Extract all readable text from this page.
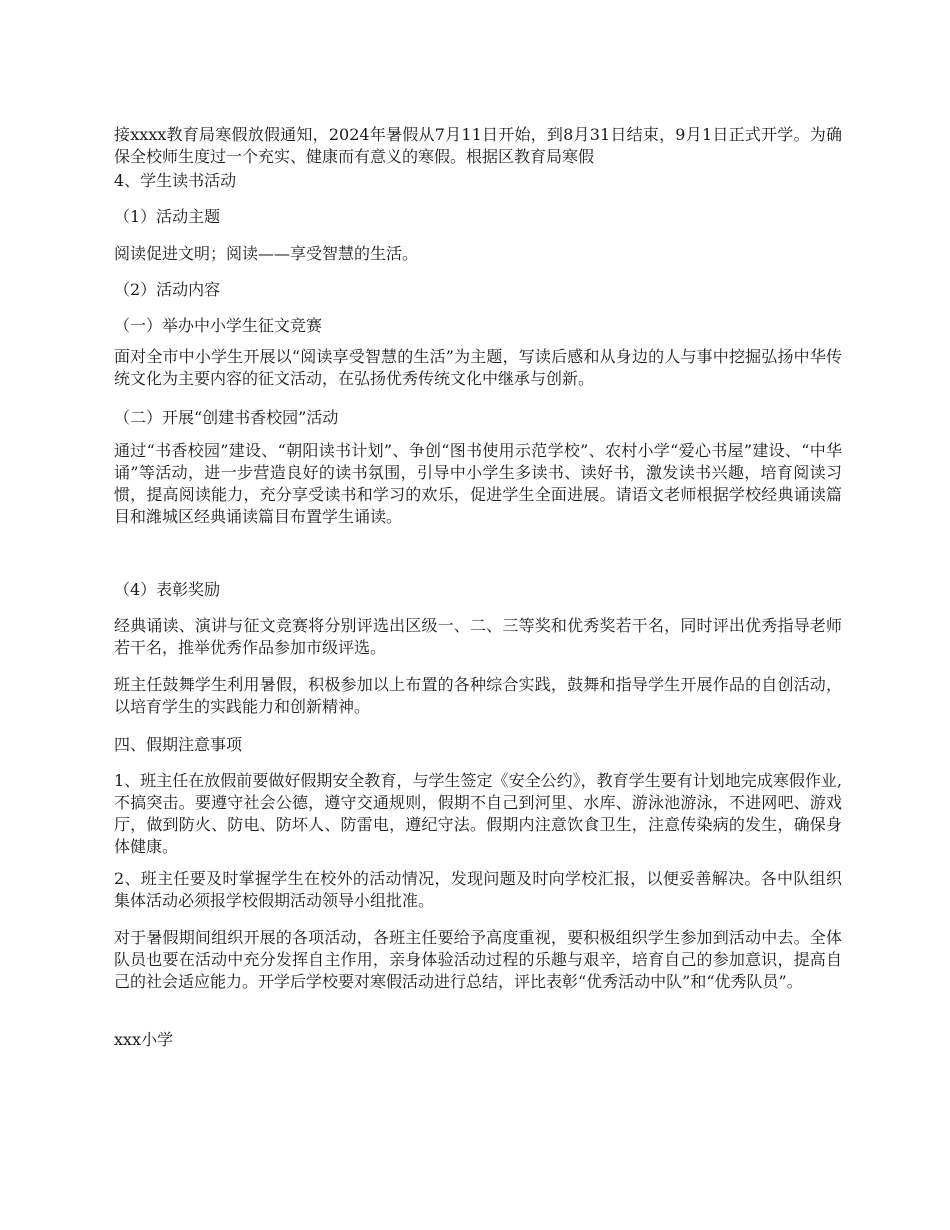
接xxxx教育局寒假放假通知，2024年暑假从7月11日开始，到8月31日结束，9月1日正式开学。为确保全校师生度过一个充实、健康而有意义的寒假。根据区教育局寒假

4、学生读书活动

（1）活动主题

阅读促进文明；阅读——享受智慧的生活。

（2）活动内容

（一）举办中小学生征文竞赛

面对全市中小学生开展以“阅读享受智慧的生活”为主题，写读后感和从身边的人与事中挖掘弘扬中华传统文化为主要内容的征文活动，在弘扬优秀传统文化中继承与创新。

（二）开展“创建书香校园”活动

通过“书香校园”建设、“朝阳读书计划”、争创“图书使用示范学校”、农村小学“爱心书屋”建设、“中华诵”等活动，进一步营造良好的读书氛围，引导中小学生多读书、读好书，激发读书兴趣，培育阅读习惯，提高阅读能力，充分享受读书和学习的欢乐，促进学生全面进展。请语文老师根据学校经典诵读篇目和潍城区经典诵读篇目布置学生诵读。

（4）表彰奖励

经典诵读、演讲与征文竞赛将分别评选出区级一、二、三等奖和优秀奖若干名，同时评出优秀指导老师若干名，推举优秀作品参加市级评选。

班主任鼓舞学生利用暑假，积极参加以上布置的各种综合实践，鼓舞和指导学生开展作品的自创活动，以培育学生的实践能力和创新精神。

四、假期注意事项

1、班主任在放假前要做好假期安全教育，与学生签定《安全公约》，教育学生要有计划地完成寒假作业,不搞突击。要遵守社会公德，遵守交通规则，假期不自己到河里、水库、游泳池游泳，不进网吧、游戏厅，做到防火、防电、防坏人、防雷电，遵纪守法。假期内注意饮食卫生，注意传染病的发生，确保身体健康。

2、班主任要及时掌握学生在校外的活动情况，发现问题及时向学校汇报，以便妥善解决。各中队组织集体活动必须报学校假期活动领导小组批准。

对于暑假期间组织开展的各项活动，各班主任要给予高度重视，要积极组织学生参加到活动中去。全体队员也要在活动中充分发挥自主作用，亲身体验活动过程的乐趣与艰辛，培育自己的参加意识，提高自己的社会适应能力。开学后学校要对寒假活动进行总结，评比表彰“优秀活动中队”和“优秀队员”。

xxx小学
